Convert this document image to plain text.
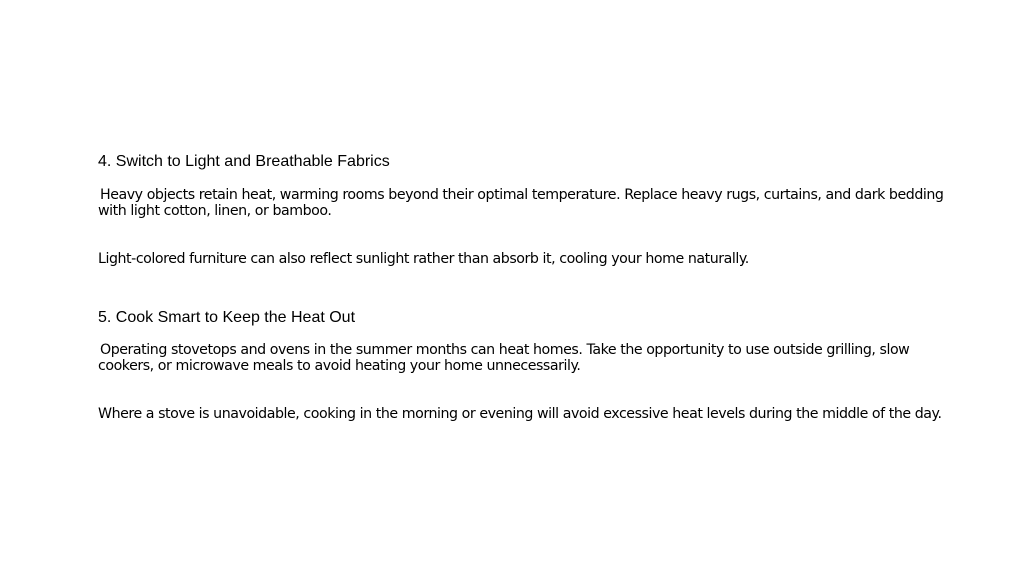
4. Switch to Light and Breathable Fabrics

Heavy objects retain heat, warming rooms beyond their optimal temperature. Replace heavy rugs, curtains, and dark bedding with light cotton, linen, or bamboo.

Light-colored furniture can also reflect sunlight rather than absorb it, cooling your home naturally.

5. Cook Smart to Keep the Heat Out

Operating stovetops and ovens in the summer months can heat homes. Take the opportunity to use outside grilling, slow cookers, or microwave meals to avoid heating your home unnecessarily.

Where a stove is unavoidable, cooking in the morning or evening will avoid excessive heat levels during the middle of the day.
